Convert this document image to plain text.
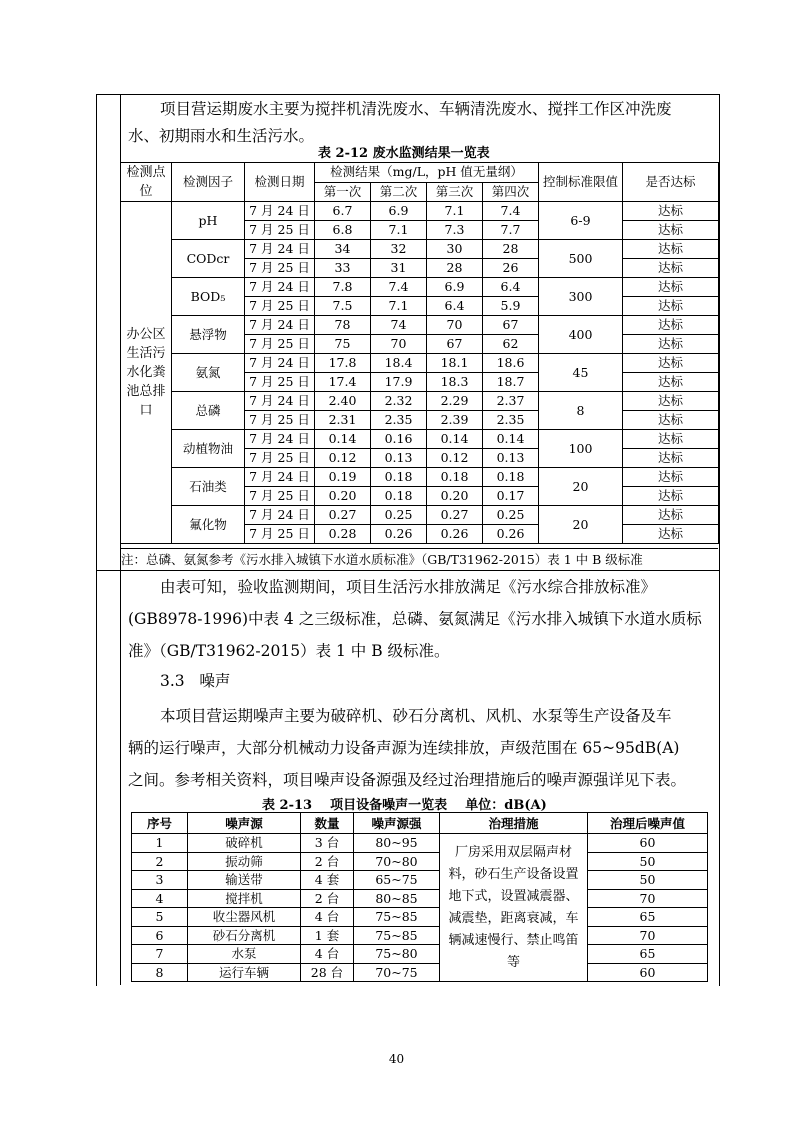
项目营运期废水主要为搅拌机清洗废水、车辆清洗废水、搅拌工作区冲洗废
水、初期雨水和生活污水。
表 2-12 废水监测结果一览表
检测点位	检测因子	检测日期	检测结果（mg/L，pH 值无量纲）				控制标准限值	是否达标
			第一次	第二次	第三次	第四次		
办公区生活污水化粪池总排口	pH	7 月 24 日	6.7	6.9	7.1	7.4	6-9	达标
		7 月 25 日	6.8	7.1	7.3	7.7		达标
	CODcr	7 月 24 日	34	32	30	28	500	达标
		7 月 25 日	33	31	28	26		达标
	BOD₅	7 月 24 日	7.8	7.4	6.9	6.4	300	达标
		7 月 25 日	7.5	7.1	6.4	5.9		达标
	悬浮物	7 月 24 日	78	74	70	67	400	达标
		7 月 25 日	75	70	67	62		达标
	氨氮	7 月 24 日	17.8	18.4	18.1	18.6	45	达标
		7 月 25 日	17.4	17.9	18.3	18.7		达标
	总磷	7 月 24 日	2.40	2.32	2.29	2.37	8	达标
		7 月 25 日	2.31	2.35	2.39	2.35		达标
	动植物油	7 月 24 日	0.14	0.16	0.14	0.14	100	达标
		7 月 25 日	0.12	0.13	0.12	0.13		达标
	石油类	7 月 24 日	0.19	0.18	0.18	0.18	20	达标
		7 月 25 日	0.20	0.18	0.20	0.17		达标
	氟化物	7 月 24 日	0.27	0.25	0.27	0.25	20	达标
		7 月 25 日	0.28	0.26	0.26	0.26		达标
注：总磷、氨氮参考《污水排入城镇下水道水质标准》（GB/T31962-2015）表 1 中 B 级标准
由表可知，验收监测期间，项目生活污水排放满足《污水综合排放标准》
(GB8978-1996)中表 4 之三级标准，总磷、氨氮满足《污水排入城镇下水道水质标
准》（GB/T31962-2015）表 1 中 B 级标准。
3.3   噪声
本项目营运期噪声主要为破碎机、砂石分离机、风机、水泵等生产设备及车
辆的运行噪声，大部分机械动力设备声源为连续排放，声级范围在 65~95dB(A)
之间。参考相关资料，项目噪声设备源强及经过治理措施后的噪声源强详见下表。
表 2-13    项目设备噪声一览表    单位：dB(A)
序号	噪声源	数量	噪声源强	治理措施	治理后噪声值
1	破碎机	3 台	80~95	厂房采用双层隔声材料，砂石生产设备设置地下式，设置减震器、减震垫，距离衰减，车辆减速慢行、禁止鸣笛等	60
2	振动筛	2 台	70~80		50
3	输送带	4 套	65~75		50
4	搅拌机	2 台	80~85		70
5	收尘器风机	4 台	75~85		65
6	砂石分离机	1 套	75~85		70
7	水泵	4 台	75~80		65
8	运行车辆	28 台	70~75		60
40
